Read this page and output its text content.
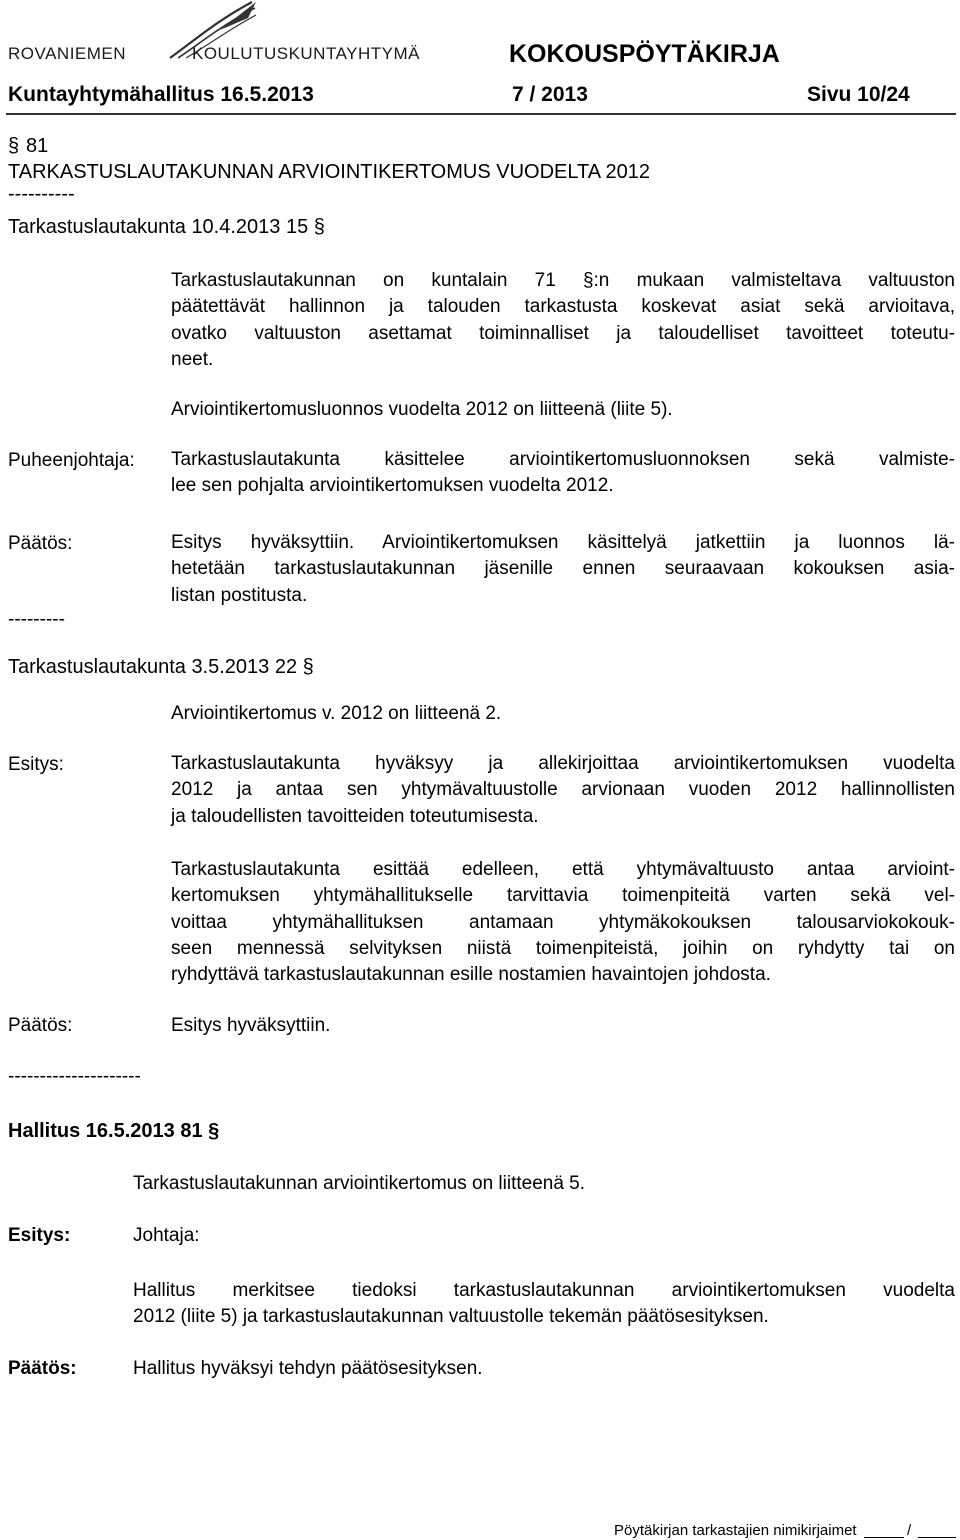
ROVANIEMEN	KOULUTUSKUNTAYHTYMÄ	KOKOUSPÖYTÄKIRJA
Kuntayhtymähallitus 16.5.2013	7 / 2013	Sivu 10/24
§ 81
TARKASTUSLAUTAKUNNAN ARVIOINTIKERTOMUS VUODELTA 2012
----------
Tarkastuslautakunta 10.4.2013 15 §
Tarkastuslautakunnan on kuntalain 71 §:n mukaan valmisteltava valtuuston
päätettävät hallinnon ja talouden tarkastusta koskevat asiat sekä arvioitava,
ovatko valtuuston asettamat toiminnalliset ja taloudelliset tavoitteet toteutu-
neet.
Arviointikertomusluonnos vuodelta 2012 on liitteenä (liite 5).
Puheenjohtaja: Tarkastuslautakunta käsittelee arviointikertomusluonnoksen sekä valmiste-
lee sen pohjalta arviointikertomuksen vuodelta 2012.
Päätös:	Esitys hyväksyttiin. Arviointikertomuksen käsittelyä jatkettiin ja luonnos lä-
hetetään tarkastuslautakunnan jäsenille ennen seuraavaan kokouksen asia-
listan postitusta.
---------
Tarkastuslautakunta 3.5.2013 22 §
Arviointikertomus v. 2012 on liitteenä 2.
Esitys:	Tarkastuslautakunta hyväksyy ja allekirjoittaa arviointikertomuksen vuodelta
2012 ja antaa sen yhtymävaltuustolle arvionaan vuoden 2012 hallinnollisten
ja taloudellisten tavoitteiden toteutumisesta.
Tarkastuslautakunta esittää edelleen, että yhtymävaltuusto antaa arvioint-
kertomuksen yhtymähallitukselle tarvittavia toimenpiteitä varten sekä vel-
voittaa yhtymähallituksen antamaan yhtymäkokouksen talousarviokokouk-
seen mennessä selvityksen niistä toimenpiteistä, joihin on ryhdytty tai on
ryhdyttävä tarkastuslautakunnan esille nostamien havaintojen johdosta.
Päätös:	Esitys hyväksyttiin.
---------------------
Hallitus 16.5.2013 81 §
Tarkastuslautakunnan arviointikertomus on liitteenä 5.
Esitys:	Johtaja:
Hallitus merkitsee tiedoksi tarkastuslautakunnan arviointikertomuksen vuodelta
2012 (liite 5) ja tarkastuslautakunnan valtuustolle tekemän päätösesityksen.
Päätös:	Hallitus hyväksyi tehdyn päätösesityksen.
Pöytäkirjan tarkastajien nimikirjaimet	/
